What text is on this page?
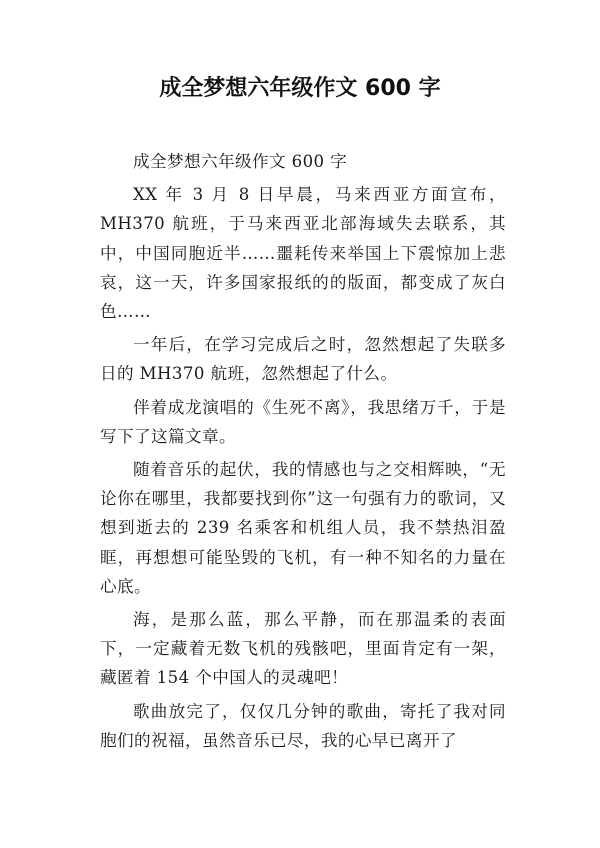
成全梦想六年级作文 600 字

成全梦想六年级作文 600 字

XX 年 3 月 8 日早晨，马来西亚方面宣布，MH370 航班，于马来西亚北部海域失去联系，其中，中国同胞近半……噩耗传来举国上下震惊加上悲哀，这一天，许多国家报纸的的版面，都变成了灰白色……

一年后，在学习完成后之时，忽然想起了失联多日的 MH370 航班，忽然想起了什么。

伴着成龙演唱的《生死不离》，我思绪万千，于是写下了这篇文章。

随着音乐的起伏，我的情感也与之交相辉映，“无论你在哪里，我都要找到你”这一句强有力的歌词，又想到逝去的 239 名乘客和机组人员，我不禁热泪盈眶，再想想可能坠毁的飞机，有一种不知名的力量在心底。

海，是那么蓝，那么平静，而在那温柔的表面下，一定藏着无数飞机的残骸吧，里面肯定有一架，藏匿着 154 个中国人的灵魂吧！

歌曲放完了，仅仅几分钟的歌曲，寄托了我对同胞们的祝福，虽然音乐已尽，我的心早已离开了
